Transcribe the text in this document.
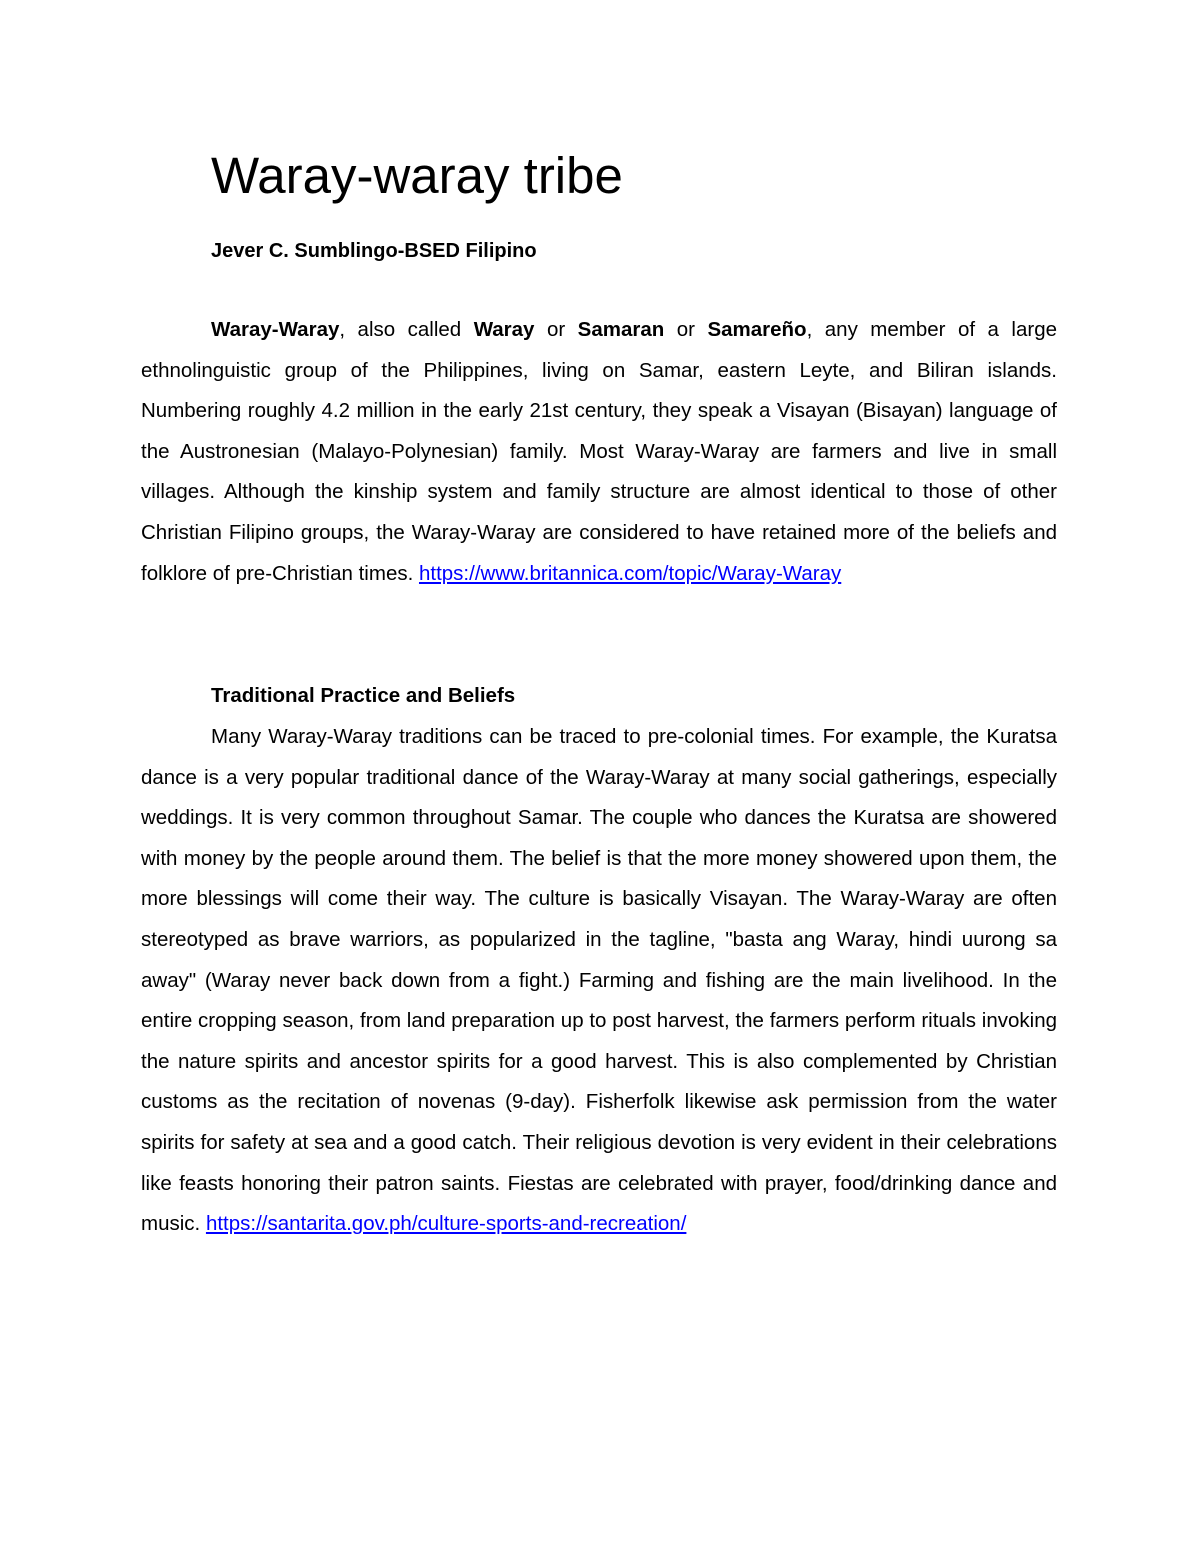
Waray-waray tribe

Jever C. Sumblingo-BSED Filipino

Waray-Waray, also called Waray or Samaran or Samareño, any member of a large ethnolinguistic group of the Philippines, living on Samar, eastern Leyte, and Biliran islands. Numbering roughly 4.2 million in the early 21st century, they speak a Visayan (Bisayan) language of the Austronesian (Malayo-Polynesian) family. Most Waray-Waray are farmers and live in small villages. Although the kinship system and family structure are almost identical to those of other Christian Filipino groups, the Waray-Waray are considered to have retained more of the beliefs and folklore of pre-Christian times. https://www.britannica.com/topic/Waray-Waray

Traditional Practice and Beliefs

Many Waray-Waray traditions can be traced to pre-colonial times. For example, the Kuratsa dance is a very popular traditional dance of the Waray-Waray at many social gatherings, especially weddings. It is very common throughout Samar. The couple who dances the Kuratsa are showered with money by the people around them. The belief is that the more money showered upon them, the more blessings will come their way. The culture is basically Visayan. The Waray-Waray are often stereotyped as brave warriors, as popularized in the tagline, "basta ang Waray, hindi uurong sa away" (Waray never back down from a fight.) Farming and fishing are the main livelihood. In the entire cropping season, from land preparation up to post harvest, the farmers perform rituals invoking the nature spirits and ancestor spirits for a good harvest. This is also complemented by Christian customs as the recitation of novenas (9-day). Fisherfolk likewise ask permission from the water spirits for safety at sea and a good catch. Their religious devotion is very evident in their celebrations like feasts honoring their patron saints. Fiestas are celebrated with prayer, food/drinking dance and music. https://santarita.gov.ph/culture-sports-and-recreation/
